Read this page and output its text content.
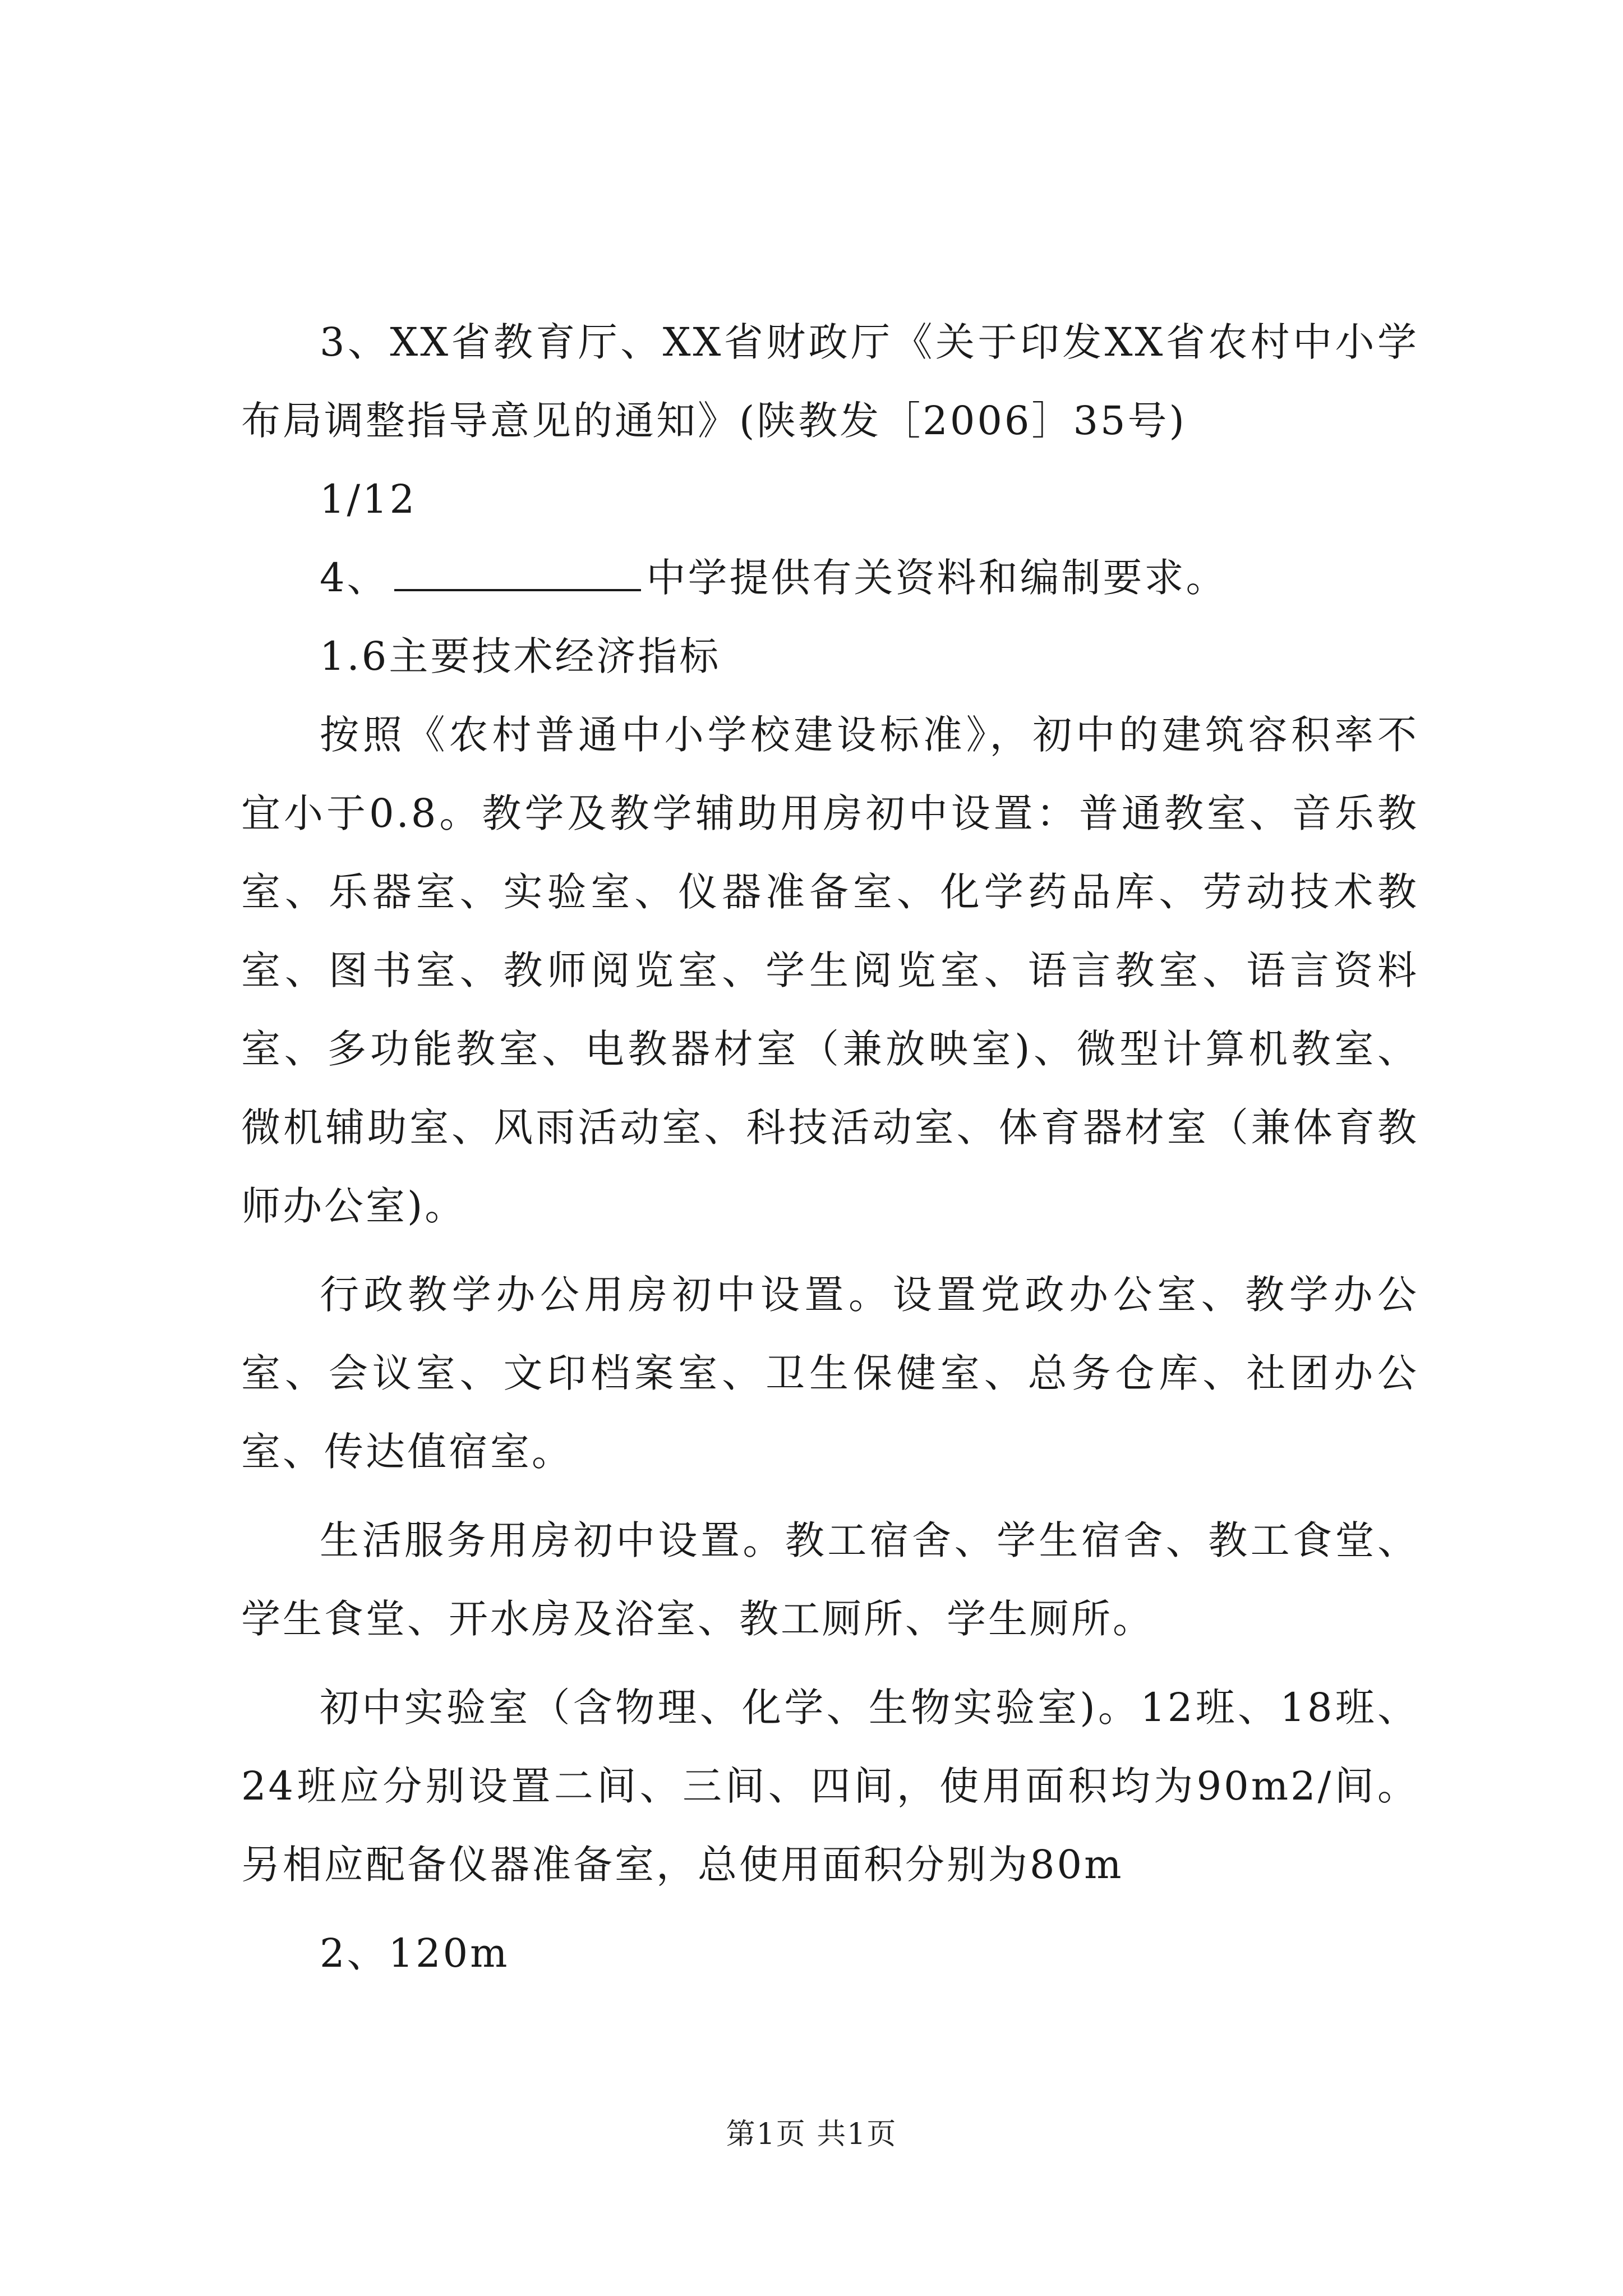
3、XX省教育厅、XX省财政厅《关于印发XX省农村中小学布局调整指导意见的通知》(陕教发［2006］35号)

1/12

4、	中学提供有关资料和编制要求。

1.6主要技术经济指标

按照《农村普通中小学校建设标准》，初中的建筑容积率不宜小于0.8。教学及教学辅助用房初中设置：普通教室、音乐教室、乐器室、实验室、仪器准备室、化学药品库、劳动技术教室、图书室、教师阅览室、学生阅览室、语言教室、语言资料室、多功能教室、电教器材室（兼放映室)、微型计算机教室、微机辅助室、风雨活动室、科技活动室、体育器材室（兼体育教师办公室)。

行政教学办公用房初中设置。设置党政办公室、教学办公室、会议室、文印档案室、卫生保健室、总务仓库、社团办公室、传达值宿室。

生活服务用房初中设置。教工宿舍、学生宿舍、教工食堂、学生食堂、开水房及浴室、教工厕所、学生厕所。

初中实验室（含物理、化学、生物实验室)。12班、18班、24班应分别设置二间、三间、四间，使用面积均为90m2/间。另相应配备仪器准备室，总使用面积分别为80m

2、120m

第1页 共1页
